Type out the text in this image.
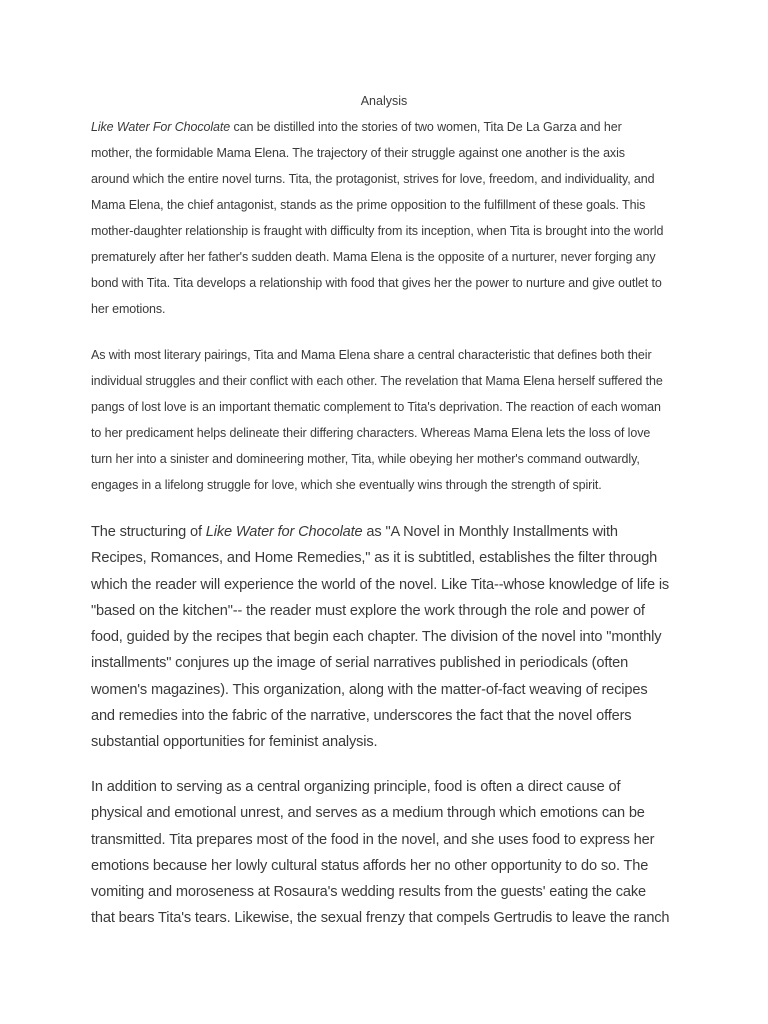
Analysis

Like Water For Chocolate can be distilled into the stories of two women, Tita De La Garza and her
mother, the formidable Mama Elena. The trajectory of their struggle against one another is the axis
around which the entire novel turns. Tita, the protagonist, strives for love, freedom, and individuality, and
Mama Elena, the chief antagonist, stands as the prime opposition to the fulfillment of these goals. This
mother-daughter relationship is fraught with difficulty from its inception, when Tita is brought into the world
prematurely after her father's sudden death. Mama Elena is the opposite of a nurturer, never forging any
bond with Tita. Tita develops a relationship with food that gives her the power to nurture and give outlet to
her emotions.

As with most literary pairings, Tita and Mama Elena share a central characteristic that defines both their
individual struggles and their conflict with each other. The revelation that Mama Elena herself suffered the
pangs of lost love is an important thematic complement to Tita's deprivation. The reaction of each woman
to her predicament helps delineate their differing characters. Whereas Mama Elena lets the loss of love
turn her into a sinister and domineering mother, Tita, while obeying her mother's command outwardly,
engages in a lifelong struggle for love, which she eventually wins through the strength of spirit.

The structuring of Like Water for Chocolate as "A Novel in Monthly Installments with
Recipes, Romances, and Home Remedies," as it is subtitled, establishes the filter through
which the reader will experience the world of the novel. Like Tita--whose knowledge of life is
"based on the kitchen"-- the reader must explore the work through the role and power of
food, guided by the recipes that begin each chapter. The division of the novel into "monthly
installments" conjures up the image of serial narratives published in periodicals (often
women's magazines). This organization, along with the matter-of-fact weaving of recipes
and remedies into the fabric of the narrative, underscores the fact that the novel offers
substantial opportunities for feminist analysis.

In addition to serving as a central organizing principle, food is often a direct cause of
physical and emotional unrest, and serves as a medium through which emotions can be
transmitted. Tita prepares most of the food in the novel, and she uses food to express her
emotions because her lowly cultural status affords her no other opportunity to do so. The
vomiting and moroseness at Rosaura's wedding results from the guests' eating the cake
that bears Tita's tears. Likewise, the sexual frenzy that compels Gertrudis to leave the ranch
